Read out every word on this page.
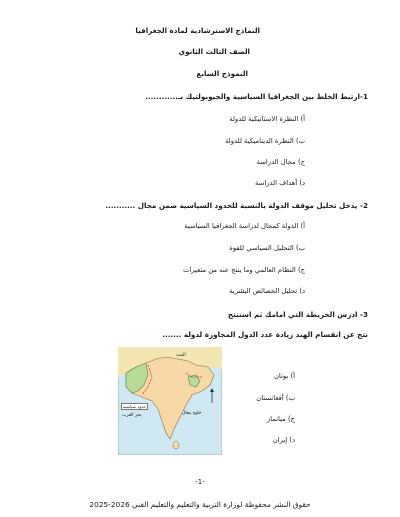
النماذج الاسترشادية لمادة الجغرافيا
الصف الثالث الثانوي
النموذج السابع
1-ارتبط الخلط بين الجغرافيا السياسية والجيوبولتيك بـ............
أ) النظرة الاستاتيكية للدولة
ب) النظرة الديناميكية للدولة
ج) مجال الدراسة
د) أهداف الدراسة
2- يدخل تحليل موقف الدولة بالنسبة للحدود السياسية ضمن مجال ...........
أ) الدولة كمجال لدراسة الجغرافيا السياسية
ب) التحليل السياسي للقوة
ج) النظام العالمي وما ينتج عنه من متغيرات
د) تحليل الخصائص البشرية
3- ادرس الخريطة التي امامك ثم استنتج
نتج عن انقسام الهند زيادة عدد الدول المجاورة لدولة .......
التبت
بحر العرب	خليج بنغال
حدود سياسية
أ) بوتان
ب) أفغانستان
ج) ميانمار
د) إيران
-1-
حقوق النشر محفوظة لوزارة التربية والتعليم والتعليم الفني 2026-2025
